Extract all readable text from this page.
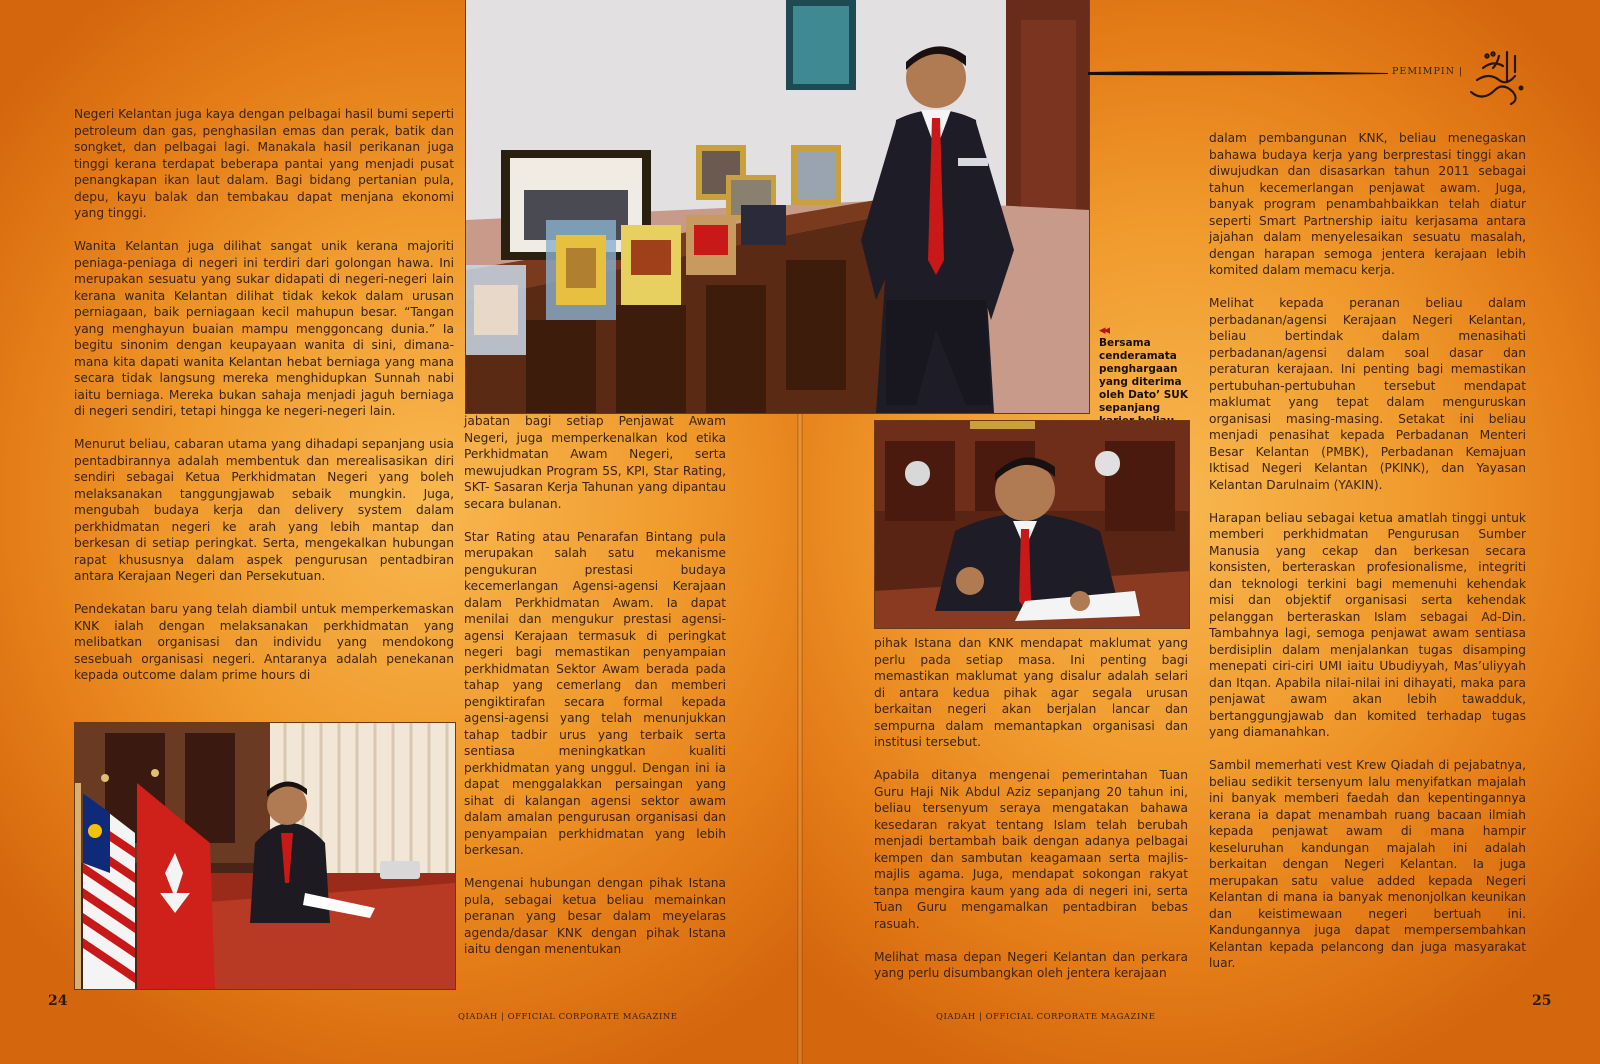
Negeri Kelantan juga kaya dengan pelbagai hasil bumi seperti petroleum dan gas, penghasilan emas dan perak, batik dan songket, dan pelbagai lagi. Manakala hasil perikanan juga tinggi kerana terdapat beberapa pantai yang menjadi pusat penangkapan ikan laut dalam. Bagi bidang pertanian pula, depu, kayu balak dan tembakau dapat menjana ekonomi yang tinggi.

Wanita Kelantan juga dilihat sangat unik kerana majoriti peniaga-peniaga di negeri ini terdiri dari golongan hawa. Ini merupakan sesuatu yang sukar didapati di negeri-negeri lain kerana wanita Kelantan dilihat tidak kekok dalam urusan perniagaan, baik perniagaan kecil mahupun besar. “Tangan yang menghayun buaian mampu menggoncang dunia.” Ia begitu sinonim dengan keupayaan wanita di sini, dimana-mana kita dapati wanita Kelantan hebat berniaga yang mana secara tidak langsung mereka menghidupkan Sunnah nabi iaitu berniaga. Mereka bukan sahaja menjadi jaguh berniaga di negeri sendiri, tetapi hingga ke negeri-negeri lain.

Menurut beliau, cabaran utama yang dihadapi sepanjang usia pentadbirannya adalah membentuk dan merealisasikan diri sendiri sebagai Ketua Perkhidmatan Negeri yang boleh melaksanakan tanggungjawab sebaik mungkin. Juga, mengubah budaya kerja dan delivery system dalam perkhidmatan negeri ke arah yang lebih mantap dan berkesan di setiap peringkat. Serta, mengekalkan hubungan rapat khususnya dalam aspek pengurusan pentadbiran antara Kerajaan Negeri dan Persekutuan.

Pendekatan baru yang telah diambil untuk memperkemaskan KNK ialah dengan melaksanakan perkhidmatan yang melibatkan organisasi dan individu yang mendokong sesebuah organisasi negeri. Antaranya adalah penekanan kepada outcome dalam prime hours di

jabatan bagi setiap Penjawat Awam Negeri, juga memperkenalkan kod etika Perkhidmatan Awam Negeri, serta mewujudkan Program 5S, KPI, Star Rating, SKT- Sasaran Kerja Tahunan yang dipantau secara bulanan.

Star Rating atau Penarafan Bintang pula merupakan salah satu mekanisme pengukuran prestasi budaya kecemerlangan Agensi-agensi Kerajaan dalam Perkhidmatan Awam. Ia dapat menilai dan mengukur prestasi agensi-agensi Kerajaan termasuk di peringkat negeri bagi memastikan penyampaian perkhidmatan Sektor Awam berada pada tahap yang cemerlang dan memberi pengiktirafan secara formal kepada agensi-agensi yang telah menunjukkan tahap tadbir urus yang terbaik serta sentiasa meningkatkan kualiti perkhidmatan yang unggul. Dengan ini ia dapat menggalakkan persaingan yang sihat di kalangan agensi sektor awam dalam amalan pengurusan organisasi dan penyampaian perkhidmatan yang lebih berkesan.

Mengenai hubungan dengan pihak Istana pula, sebagai ketua beliau memainkan peranan yang besar dalam meyelaras agenda/dasar KNK dengan pihak Istana iaitu dengan menentukan

◂◂
Bersama cenderamata penghargaan yang diterima oleh Dato’ SUK sepanjang
24
QIADAH | OFFICIAL CORPORATE MAGAZINE
PEMIMPIN |

pihak Istana dan KNK mendapat maklumat yang perlu pada setiap masa. Ini penting bagi memastikan maklumat yang disalur adalah selari di antara kedua pihak agar segala urusan berkaitan negeri akan berjalan lancar dan sempurna dalam memantapkan organisasi dan institusi tersebut.

Apabila ditanya mengenai pemerintahan Tuan Guru Haji Nik Abdul Aziz sepanjang 20 tahun ini, beliau tersenyum seraya mengatakan bahawa kesedaran rakyat tentang Islam telah berubah menjadi bertambah baik dengan adanya pelbagai kempen dan sambutan keagamaan serta majlis-majlis agama. Juga, mendapat sokongan rakyat tanpa mengira kaum yang ada di negeri ini, serta Tuan Guru mengamalkan pentadbiran bebas rasuah.

Melihat masa depan Negeri Kelantan dan perkara yang perlu disumbangkan oleh jentera kerajaan

dalam pembangunan KNK, beliau menegaskan bahawa budaya kerja yang berprestasi tinggi akan diwujudkan dan disasarkan tahun 2011 sebagai tahun kecemerlangan penjawat awam. Juga, banyak program penambahbaikkan telah diatur seperti Smart Partnership iaitu kerjasama antara jajahan dalam menyelesaikan sesuatu masalah, dengan harapan semoga jentera kerajaan lebih komited dalam memacu kerja.

Melihat kepada peranan beliau dalam perbadanan/agensi Kerajaan Negeri Kelantan, beliau bertindak dalam menasihati perbadanan/agensi dalam soal dasar dan peraturan kerajaan. Ini penting bagi memastikan pertubuhan-pertubuhan tersebut mendapat maklumat yang tepat dalam menguruskan organisasi masing-masing. Setakat ini beliau menjadi penasihat kepada Perbadanan Menteri Besar Kelantan (PMBK), Perbadanan Kemajuan Iktisad Negeri Kelantan (PKINK), dan Yayasan Kelantan Darulnaim (YAKIN).

Harapan beliau sebagai ketua amatlah tinggi untuk memberi perkhidmatan Pengurusan Sumber Manusia yang cekap dan berkesan secara konsisten, berteraskan profesionalisme, integriti dan teknologi terkini bagi memenuhi kehendak misi dan objektif organisasi serta kehendak pelanggan berteraskan Islam sebagai Ad-Din. Tambahnya lagi, semoga penjawat awam sentiasa berdisiplin dalam menjalankan tugas disamping menepati ciri-ciri UMI iaitu Ubudiyyah, Mas’uliyyah dan Itqan. Apabila nilai-nilai ini dihayati, maka para penjawat awam akan lebih tawadduk, bertanggungjawab dan komited terhadap tugas yang diamanahkan.

Sambil memerhati vest Krew Qiadah di pejabatnya, beliau sedikit tersenyum lalu menyifatkan majalah ini banyak memberi faedah dan kepentingannya kerana ia dapat menambah ruang bacaan ilmiah kepada penjawat awam di mana hampir keseluruhan kandungan majalah ini adalah berkaitan dengan Negeri Kelantan. Ia juga merupakan satu value added kepada Negeri Kelantan di mana ia banyak menonjolkan keunikan dan keistimewaan negeri bertuah ini. Kandungannya juga dapat mempersembahkan Kelantan kepada pelancong dan juga masyarakat luar.

25
QIADAH | OFFICIAL CORPORATE MAGAZINE
